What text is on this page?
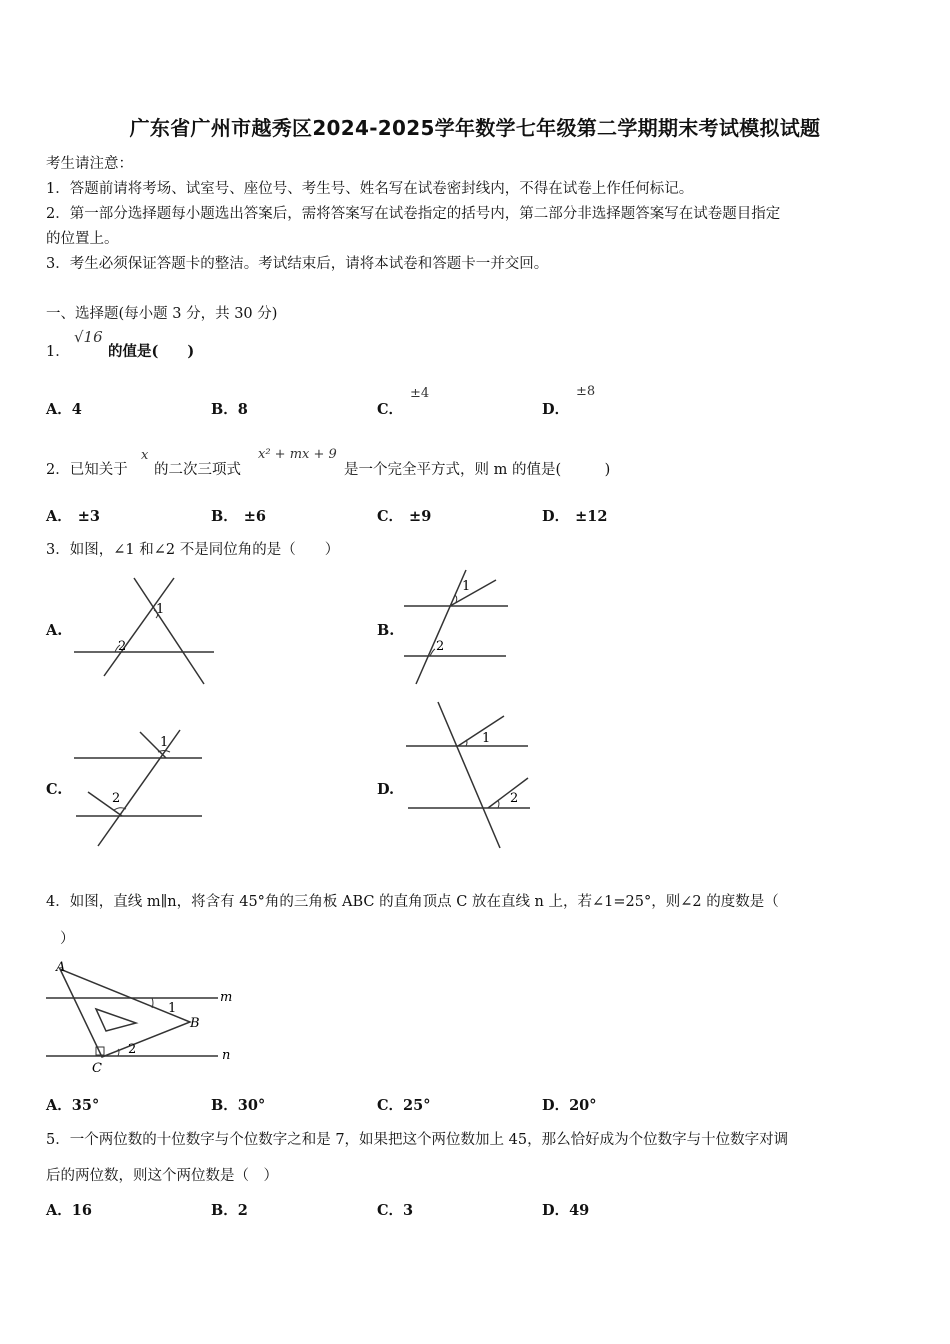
广东省广州市越秀区2024-2025学年数学七年级第二学期期末考试模拟试题
考生请注意：
1．答题前请将考场、试室号、座位号、考生号、姓名写在试卷密封线内，不得在试卷上作任何标记。
2．第一部分选择题每小题选出答案后，需将答案写在试卷指定的括号内，第二部分非选择题答案写在试卷题目指定
的位置上。
3．考生必须保证答题卡的整洁。考试结束后，请将本试卷和答题卡一并交回。
一、选择题(每小题 3 分，共 30 分)
1．
√16
的值是(　　)
A．4	B．8	C．
±4
D．
±8
2．已知关于
x
的二次三项式
x² + mx + 9
是一个完全平方式，则 m 的值是(　　　)
A． ±3	B． ±6	C． ±9	D． ±12
3．如图，∠1 和∠2 不是同位角的是（　　）
A.
1
2
B.
1
2
C.
1
2
D.
1
2
4．如图，直线 m∥n，将含有 45°角的三角板 ABC 的直角顶点 C 放在直线 n 上，若∠1=25°，则∠2 的度数是（
）
A
B
C
m
n
1
2
A．35°	B．30°	C．25°	D．20°
5．一个两位数的十位数字与个位数字之和是 7，如果把这个两位数加上 45，那么恰好成为个位数字与十位数字对调
后的两位数，则这个两位数是（　）
A．16	B．2	C．3	D．49
